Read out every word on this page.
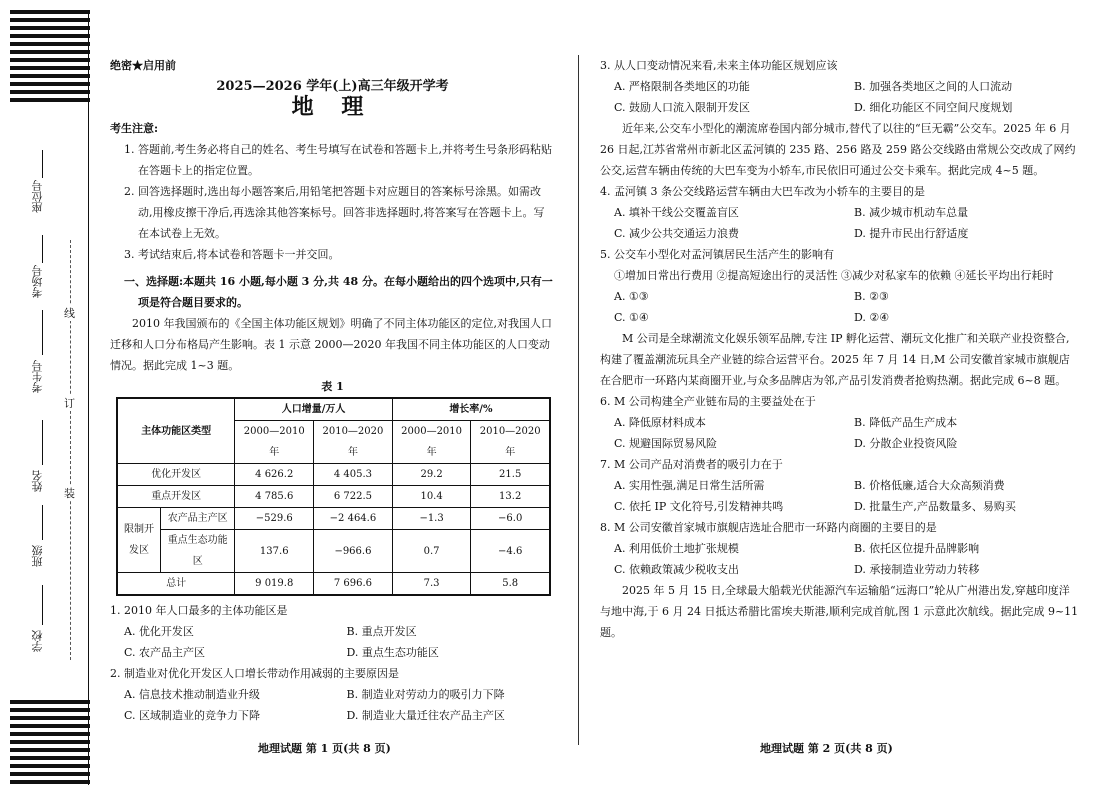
座位号
考场号
考生号
姓名
班级
学校
线
订
装

绝密★启用前

2025—2026 学年(上)高三年级开学考

地 理

考生注意:

1. 答题前,考生务必将自己的姓名、考生号填写在试卷和答题卡上,并将考生号条形码粘贴在答题卡上的指定位置。

2. 回答选择题时,选出每小题答案后,用铅笔把答题卡对应题目的答案标号涂黑。如需改动,用橡皮擦干净后,再选涂其他答案标号。回答非选择题时,将答案写在答题卡上。写在本试卷上无效。

3. 考试结束后,将本试卷和答题卡一并交回。

一、选择题:本题共 16 小题,每小题 3 分,共 48 分。在每小题给出的四个选项中,只有一项是符合题目要求的。

2010 年我国颁布的《全国主体功能区规划》明确了不同主体功能区的定位,对我国人口迁移和人口分布格局产生影响。表 1 示意 2000—2020 年我国不同主体功能区的人口变动情况。据此完成 1~3 题。

表 1

主体功能区类型		人口增量/万人		增长率/%	
		2000—2010 年	2010—2020 年	2000—2010 年	2010—2020 年
优化开发区		4 626.2	4 405.3	29.2	21.5
重点开发区		4 785.6	6 722.5	10.4	13.2
限制开发区	农产品主产区	−529.6	−2 464.6	−1.3	−6.0
	重点生态功能区	137.6	−966.6	0.7	−4.6
总计		9 019.8	7 696.6	7.3	5.8

1. 2010 年人口最多的主体功能区是

A. 优化开发区	B. 重点开发区
C. 农产品主产区	D. 重点生态功能区

2. 制造业对优化开发区人口增长带动作用减弱的主要原因是

A. 信息技术推动制造业升级	B. 制造业对劳动力的吸引力下降
C. 区域制造业的竞争力下降	D. 制造业大量迁往农产品主产区

3. 从人口变动情况来看,未来主体功能区规划应该

A. 严格限制各类地区的功能	B. 加强各类地区之间的人口流动
C. 鼓励人口流入限制开发区	D. 细化功能区不同空间尺度规划

近年来,公交车小型化的潮流席卷国内部分城市,替代了以往的“巨无霸”公交车。2025 年 6 月 26 日起,江苏省常州市新北区孟河镇的 235 路、256 路及 259 路公交线路由常规公交改成了网约公交,运营车辆由传统的大巴车变为小轿车,市民依旧可通过公交卡乘车。据此完成 4~5 题。

4. 孟河镇 3 条公交线路运营车辆由大巴车改为小轿车的主要目的是

A. 填补干线公交覆盖盲区	B. 减少城市机动车总量
C. 减少公共交通运力浪费	D. 提升市民出行舒适度

5. 公交车小型化对孟河镇居民生活产生的影响有

①增加日常出行费用 ②提高短途出行的灵活性 ③减少对私家车的依赖 ④延长平均出行耗时

A. ①③	B. ②③
C. ①④	D. ②④

M 公司是全球潮流文化娱乐领军品牌,专注 IP 孵化运营、潮玩文化推广和关联产业投资整合,构建了覆盖潮流玩具全产业链的综合运营平台。2025 年 7 月 14 日,M 公司安徽首家城市旗舰店在合肥市一环路内某商圈开业,与众多品牌店为邻,产品引发消费者抢购热潮。据此完成 6~8 题。

6. M 公司构建全产业链布局的主要益处在于

A. 降低原材料成本	B. 降低产品生产成本
C. 规避国际贸易风险	D. 分散企业投资风险

7. M 公司产品对消费者的吸引力在于

A. 实用性强,满足日常生活所需	B. 价格低廉,适合大众高频消费
C. 依托 IP 文化符号,引发精神共鸣	D. 批量生产,产品数量多、易购买

8. M 公司安徽首家城市旗舰店选址合肥市一环路内商圈的主要目的是

A. 利用低价土地扩张规模	B. 依托区位提升品牌影响
C. 依赖政策减少税收支出	D. 承接制造业劳动力转移

2025 年 5 月 15 日,全球最大船载光伏能源汽车运输船“远海口”轮从广州港出发,穿越印度洋与地中海,于 6 月 24 日抵达希腊比雷埃夫斯港,顺利完成首航,图 1 示意此次航线。据此完成 9~11 题。

地理试题 第 1 页(共 8 页)	地理试题 第 2 页(共 8 页)
